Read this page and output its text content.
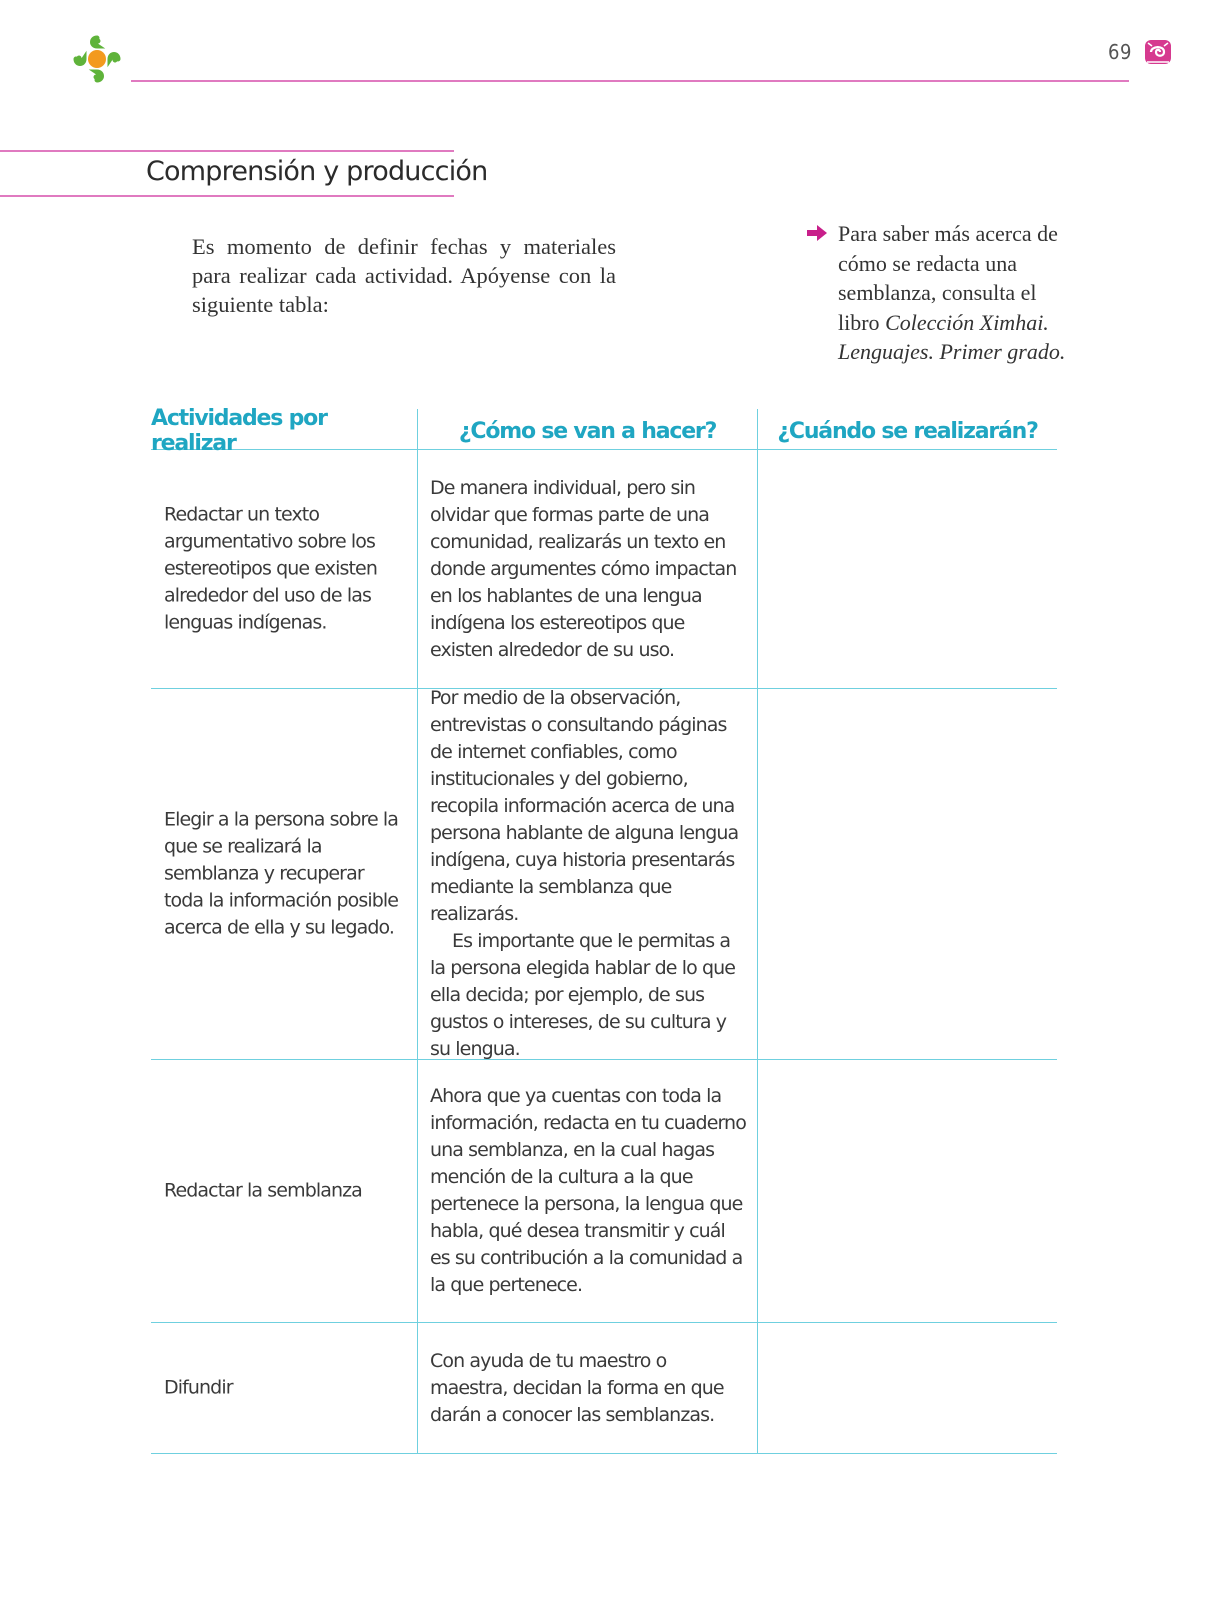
69
Comprensión y producción
Es momento de definir fechas y materiales para realizar cada actividad. Apóyense con la siguiente tabla:
Para saber más acerca de cómo se redacta una semblanza, consulta el libro Colección Ximhai. Lenguajes. Primer grado.
Actividades por realizar	¿Cómo se van a hacer?	¿Cuándo se realizarán?
Redactar un texto argumentativo sobre los estereotipos que existen alrededor del uso de las lenguas indígenas.
De manera individual, pero sin olvidar que formas parte de una comunidad, realizarás un texto en donde argumentes cómo impactan en los hablantes de una lengua indígena los estereotipos que existen alrededor de su uso.
Elegir a la persona sobre la que se realizará la semblanza y recuperar toda la información posible acerca de ella y su legado.
Por medio de la observación, entrevistas o consultando páginas de internet confiables, como institucionales y del gobierno, recopila información acerca de una persona hablante de alguna lengua indígena, cuya historia presentarás mediante la semblanza que realizarás.
Es importante que le permitas a la persona elegida hablar de lo que ella decida; por ejemplo, de sus gustos o intereses, de su cultura y su lengua.
Redactar la semblanza
Ahora que ya cuentas con toda la información, redacta en tu cuaderno una semblanza, en la cual hagas mención de la cultura a la que pertenece la persona, la lengua que habla, qué desea transmitir y cuál es su contribución a la comunidad a la que pertenece.
Difundir
Con ayuda de tu maestro o maestra, decidan la forma en que darán a conocer las semblanzas.
